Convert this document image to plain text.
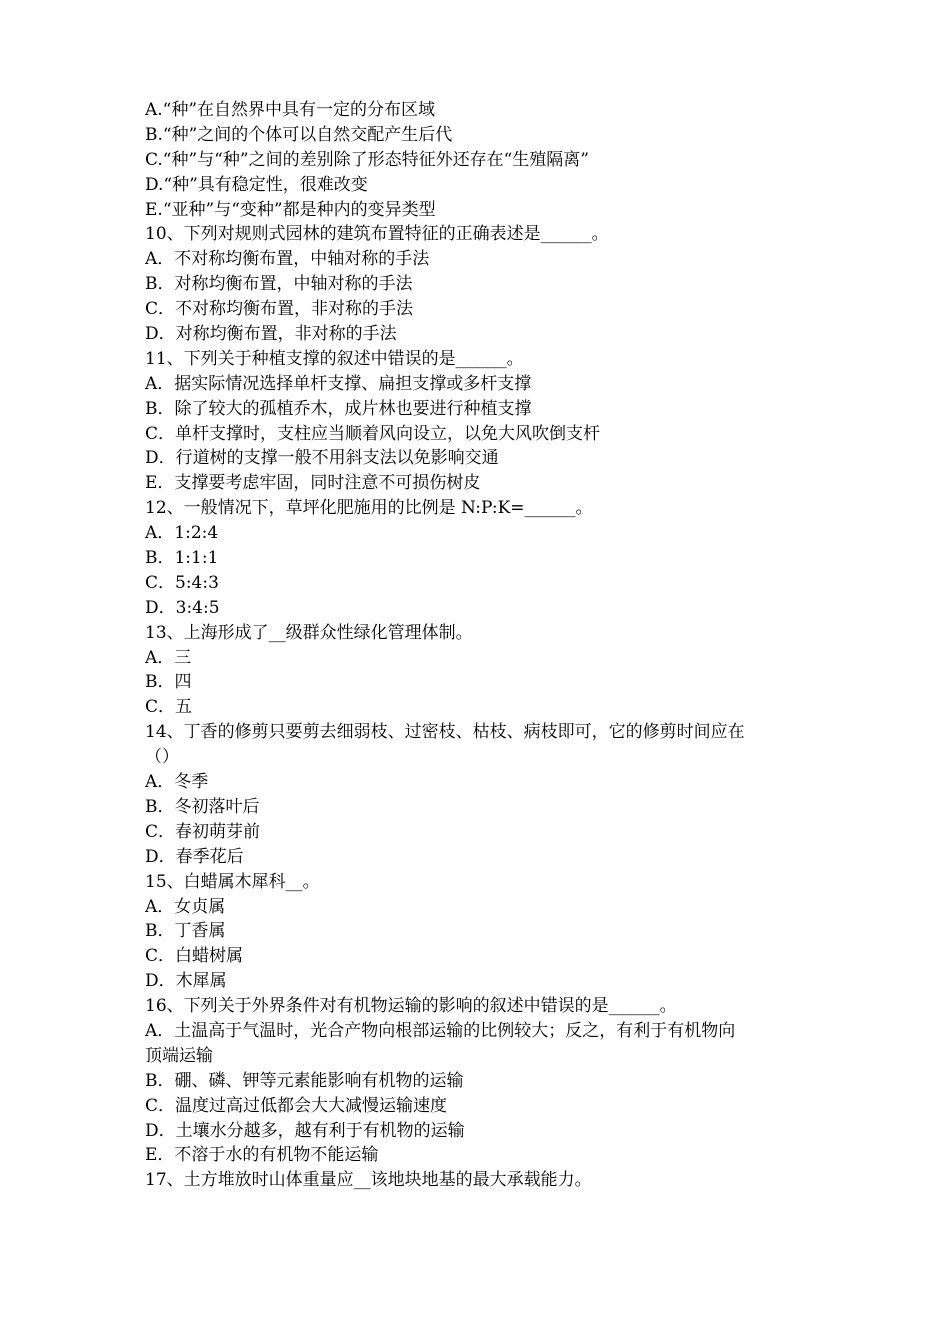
A.“种”在自然界中具有一定的分布区域
B.“种”之间的个体可以自然交配产生后代
C.“种”与“种”之间的差别除了形态特征外还存在“生殖隔离”
D.“种”具有稳定性，很难改变
E.“亚种”与“变种”都是种内的变异类型
10、下列对规则式园林的建筑布置特征的正确表述是______。
A．不对称均衡布置，中轴对称的手法
B．对称均衡布置，中轴对称的手法
C．不对称均衡布置，非对称的手法
D．对称均衡布置，非对称的手法
11、下列关于种植支撑的叙述中错误的是______。
A．据实际情况选择单杆支撑、扁担支撑或多杆支撑
B．除了较大的孤植乔木，成片林也要进行种植支撑
C．单杆支撑时，支柱应当顺着风向设立，以免大风吹倒支杆
D．行道树的支撑一般不用斜支法以免影响交通
E．支撑要考虑牢固，同时注意不可损伤树皮
12、一般情况下，草坪化肥施用的比例是 N:P:K=______。
A．1:2:4
B．1:1:1
C．5:4:3
D．3:4:5
13、上海形成了__级群众性绿化管理体制。
A．三
B．四
C．五
14、丁香的修剪只要剪去细弱枝、过密枝、枯枝、病枝即可，它的修剪时间应在
（）
A．冬季
B．冬初落叶后
C．春初萌芽前
D．春季花后
15、白蜡属木犀科__。
A．女贞属
B．丁香属
C．白蜡树属
D．木犀属
16、下列关于外界条件对有机物运输的影响的叙述中错误的是______。
A．土温高于气温时，光合产物向根部运输的比例较大；反之，有利于有机物向
顶端运输
B．硼、磷、钾等元素能影响有机物的运输
C．温度过高过低都会大大减慢运输速度
D．土壤水分越多，越有利于有机物的运输
E．不溶于水的有机物不能运输
17、土方堆放时山体重量应__该地块地基的最大承载能力。
